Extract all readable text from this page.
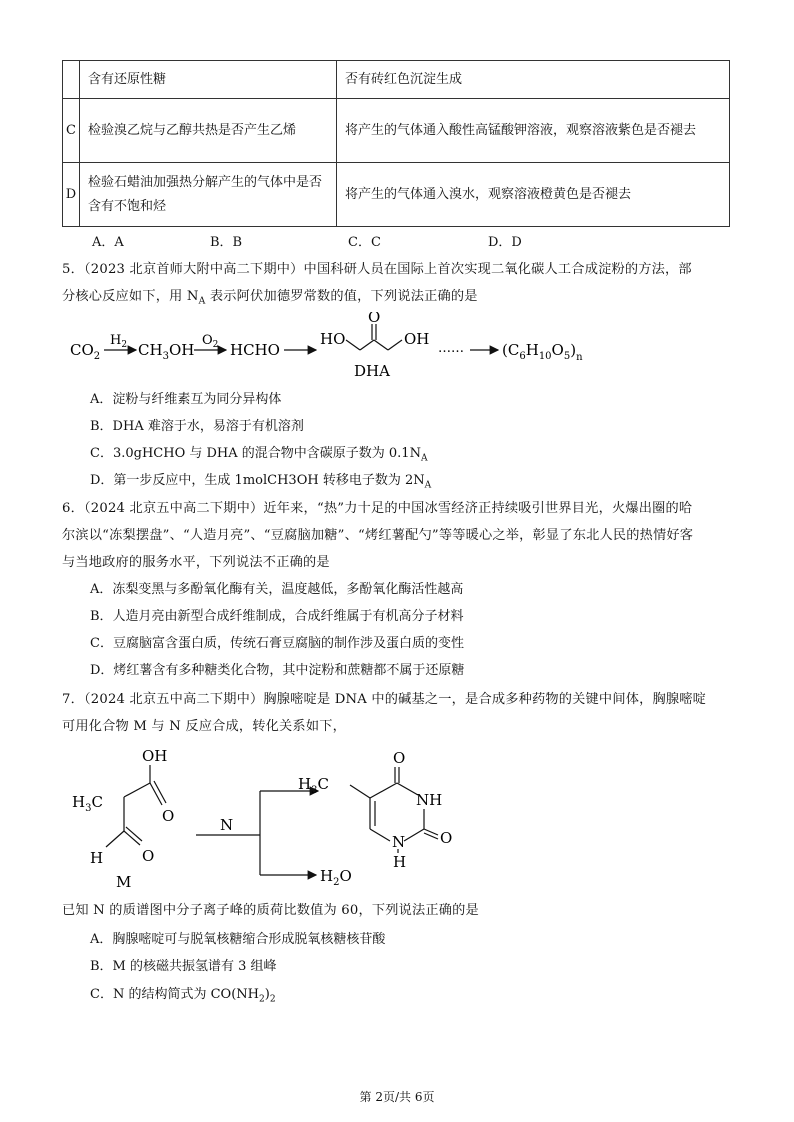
	含有还原性糖	否有砖红色沉淀生成
C	检验溴乙烷与乙醇共热是否产生乙烯	将产生的气体通入酸性高锰酸钾溶液，观察溶液紫色是否褪去
D	检验石蜡油加强热分解产生的气体中是否含有不饱和烃	将产生的气体通入溴水，观察溶液橙黄色是否褪去
A．A	B．B	C．C	D．D
5．（2023 北京首师大附中高二下期中）中国科研人员在国际上首次实现二氧化碳人工合成淀粉的方法，部
分核心反应如下，用 $N_A$ 表示阿伏加德罗常数的值，下列说法正确的是
$CO_2$
$H_2$ $CH_3OH$
$O_2$ HCHO
HO
O
OH
DHA
……	$(C_6H_{10}O_5)_n$
A．淀粉与纤维素互为同分异构体
B．DHA 难溶于水，易溶于有机溶剂
C．3.0gHCHO 与 DHA 的混合物中含碳原子数为 $0.1N_A$
D．第一步反应中，生成 1molCH3OH 转移电子数为 $2N_A$
6．（2024 北京五中高二下期中）近年来，“热”力十足的中国冰雪经济正持续吸引世界目光，火爆出圈的哈
尔滨以“冻梨摆盘”、“人造月亮”、“豆腐脑加糖”、“烤红薯配勺”等等暖心之举，彰显了东北人民的热情好客
与当地政府的服务水平，下列说法不正确的是
A．冻梨变黑与多酚氧化酶有关，温度越低，多酚氧化酶活性越高
B．人造月亮由新型合成纤维制成，合成纤维属于有机高分子材料
C．豆腐脑富含蛋白质，传统石膏豆腐脑的制作涉及蛋白质的变性
D．烤红薯含有多种糖类化合物，其中淀粉和蔗糖都不属于还原糖
7．（2024 北京五中高二下期中）胸腺嘧啶是 DNA 中的碱基之一，是合成多种药物的关键中间体，胸腺嘧啶
可用化合物 M 与 N 反应合成，转化关系如下，
OH
O
$H_3C$
H	O
M
N
$H_2O$
O
NH
O
N
H
$H_3C$
已知 N 的质谱图中分子离子峰的质荷比数值为 60，下列说法正确的是
A．胸腺嘧啶可与脱氧核糖缩合形成脱氧核糖核苷酸
B．M 的核磁共振氢谱有 3 组峰
C．N 的结构简式为 $CO(NH_2)_2$
第 2页/共 6页
